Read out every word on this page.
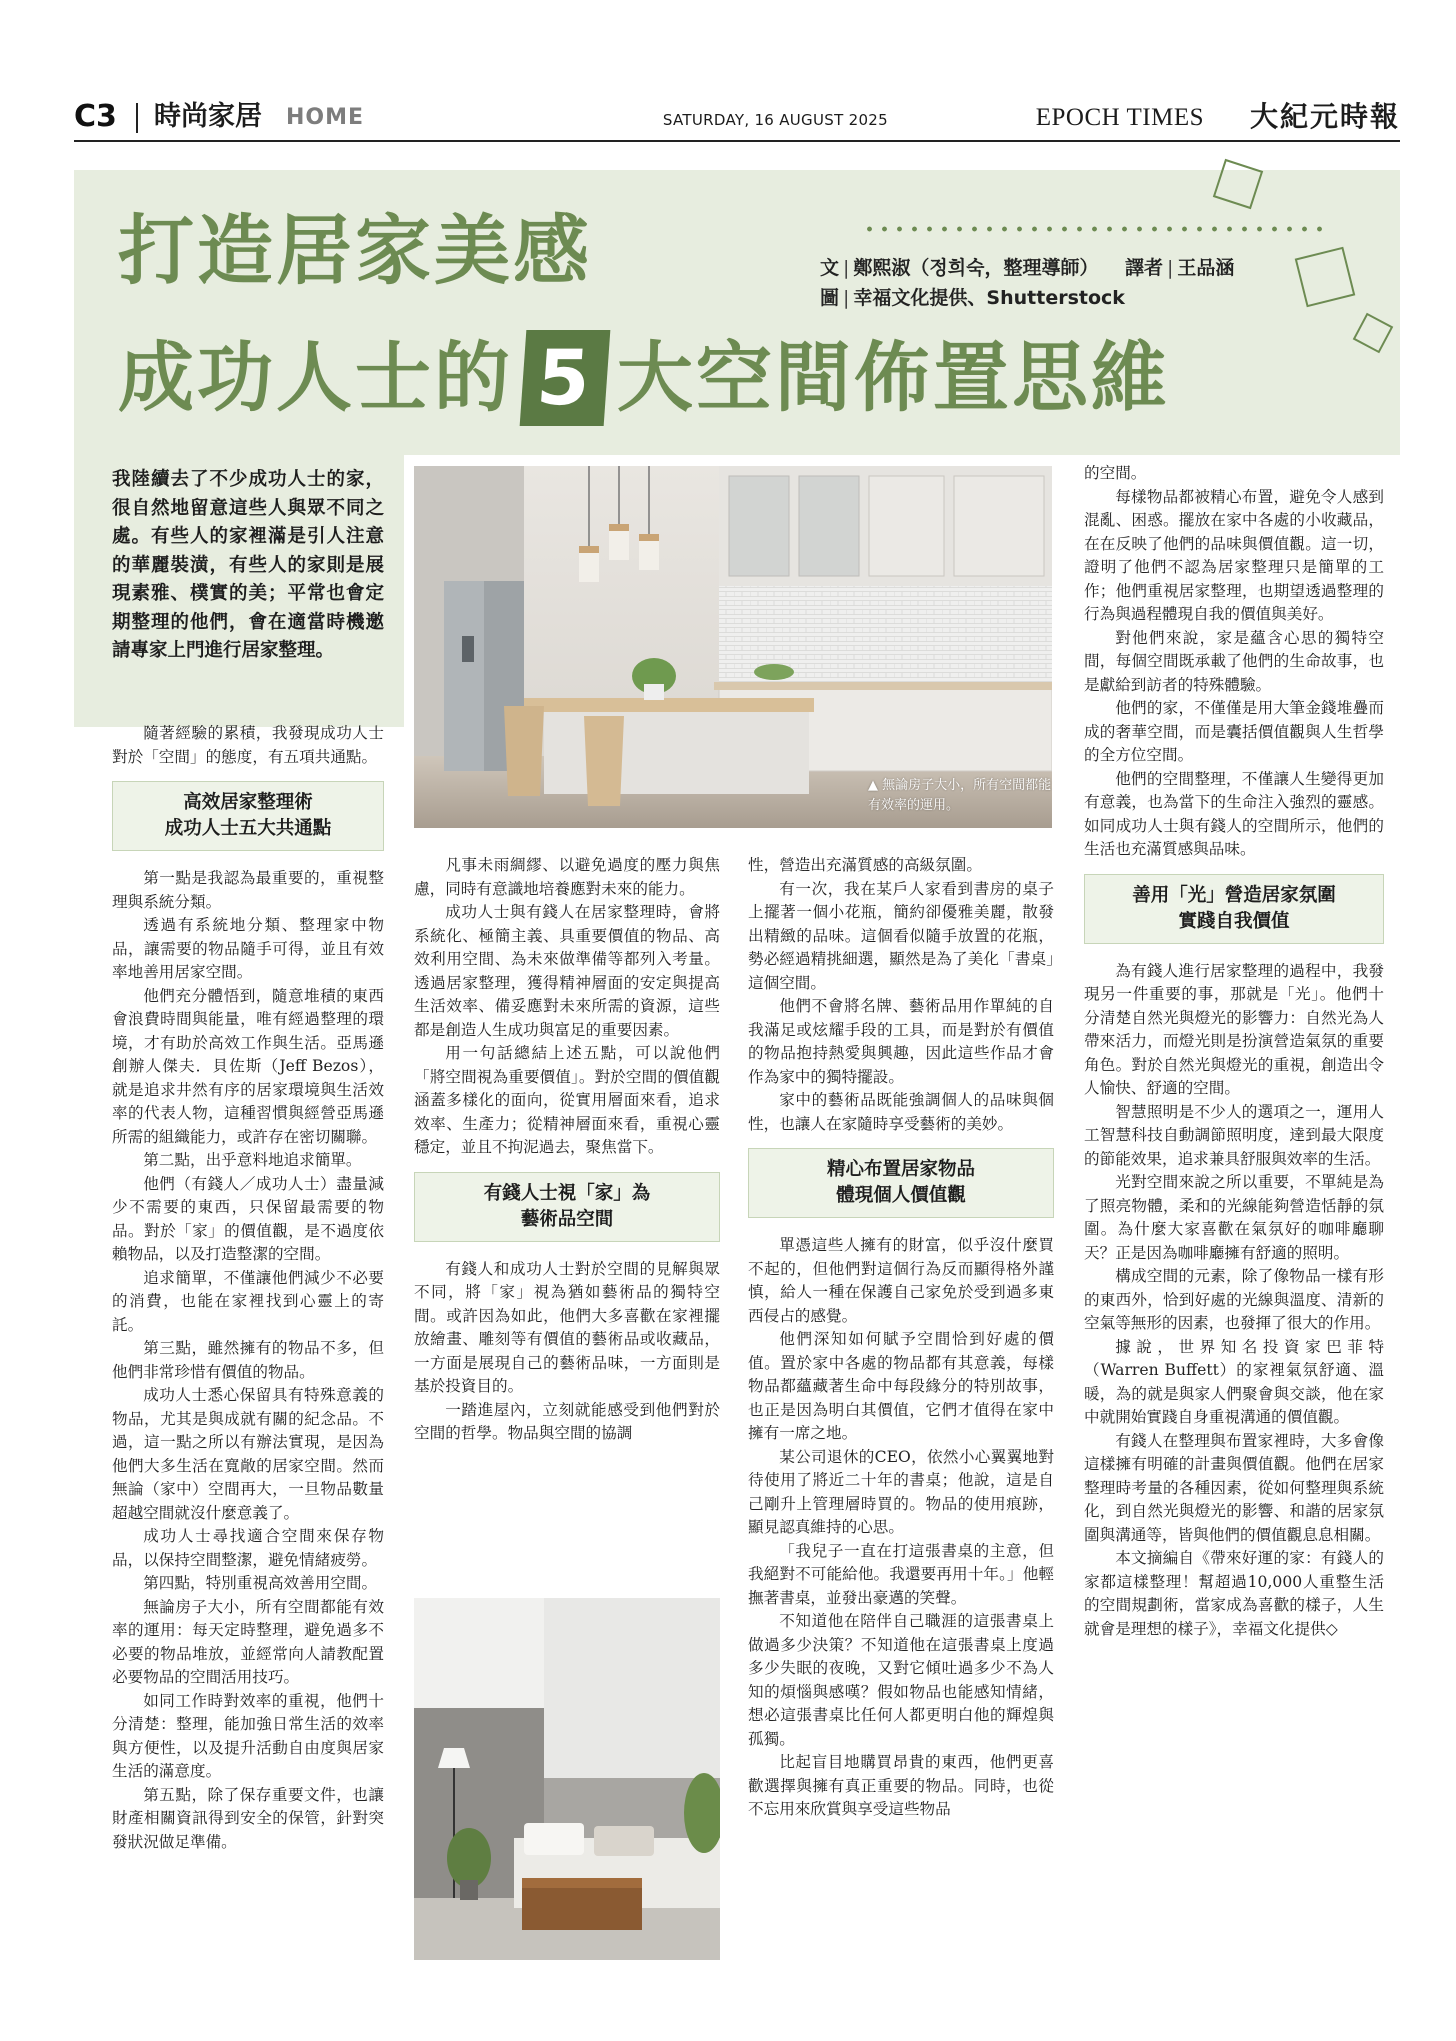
C3 時尚家居 HOME	SATURDAY, 16 AUGUST 2025	EPOCH TIMES 大紀元時報
打造居家美感
成功人士的 5 大空間佈置思維
文 | 鄭熙淑（정희숙，整理導師） 譯者 | 王品涵
圖 | 幸福文化提供、Shutterstock
我陸續去了不少成功人士的家，很自然地留意這些人與眾不同之處。有些人的家裡滿是引人注意的華麗裝潢，有些人的家則是展現素雅、樸實的美；平常也會定期整理的他們，會在適當時機邀請專家上門進行居家整理。
▲ 無論房子大小，所有空間都能有效率的運用。

隨著經驗的累積，我發現成功人士對於「空間」的態度，有五項共通點。

高效居家整理術
成功人士五大共通點

第一點是我認為最重要的，重視整理與系統分類。

透過有系統地分類、整理家中物品，讓需要的物品隨手可得，並且有效率地善用居家空間。

他們充分體悟到，隨意堆積的東西會浪費時間與能量，唯有經過整理的環境，才有助於高效工作與生活。亞馬遜創辦人傑夫．貝佐斯（Jeff Bezos），就是追求井然有序的居家環境與生活效率的代表人物，這種習慣與經營亞馬遜所需的組織能力，或許存在密切關聯。

第二點，出乎意料地追求簡單。

他們（有錢人／成功人士）盡量減少不需要的東西，只保留最需要的物品。對於「家」的價值觀，是不過度依賴物品，以及打造整潔的空間。

追求簡單，不僅讓他們減少不必要的消費，也能在家裡找到心靈上的寄託。

第三點，雖然擁有的物品不多，但他們非常珍惜有價值的物品。

成功人士悉心保留具有特殊意義的物品，尤其是與成就有關的紀念品。不過，這一點之所以有辦法實現，是因為他們大多生活在寬敞的居家空間。然而無論（家中）空間再大，一旦物品數量超越空間就沒什麼意義了。

成功人士尋找適合空間來保存物品，以保持空間整潔，避免情緒疲勞。

第四點，特別重視高效善用空間。

無論房子大小，所有空間都能有效率的運用：每天定時整理，避免過多不必要的物品堆放，並經常向人請教配置必要物品的空間活用技巧。

如同工作時對效率的重視，他們十分清楚：整理，能加強日常生活的效率與方便性，以及提升活動自由度與居家生活的滿意度。

第五點，除了保存重要文件，也讓財產相關資訊得到安全的保管，針對突發狀況做足準備。

凡事未雨綢繆、以避免過度的壓力與焦慮，同時有意識地培養應對未來的能力。

成功人士與有錢人在居家整理時，會將系統化、極簡主義、具重要價值的物品、高效利用空間、為未來做準備等都列入考量。透過居家整理，獲得精神層面的安定與提高生活效率、備妥應對未來所需的資源，這些都是創造人生成功與富足的重要因素。

用一句話總結上述五點，可以說他們「將空間視為重要價值」。對於空間的價值觀涵蓋多樣化的面向，從實用層面來看，追求效率、生產力；從精神層面來看，重視心靈穩定，並且不拘泥過去，聚焦當下。

有錢人士視「家」為
藝術品空間

有錢人和成功人士對於空間的見解與眾不同，將「家」視為猶如藝術品的獨特空間。或許因為如此，他們大多喜歡在家裡擺放繪畫、雕刻等有價值的藝術品或收藏品，一方面是展現自己的藝術品味，一方面則是基於投資目的。

一踏進屋內，立刻就能感受到他們對於空間的哲學。物品與空間的協調

性，營造出充滿質感的高級氛圍。

有一次，我在某戶人家看到書房的桌子上擺著一個小花瓶，簡約卻優雅美麗，散發出精緻的品味。這個看似隨手放置的花瓶，勢必經過精挑細選，顯然是為了美化「書桌」這個空間。

他們不會將名牌、藝術品用作單純的自我滿足或炫耀手段的工具，而是對於有價值的物品抱持熱愛與興趣，因此這些作品才會作為家中的獨特擺設。

家中的藝術品既能強調個人的品味與個性，也讓人在家隨時享受藝術的美妙。

精心布置居家物品
體現個人價值觀

單憑這些人擁有的財富，似乎沒什麼買不起的，但他們對這個行為反而顯得格外謹慎，給人一種在保護自己家免於受到過多東西侵占的感覺。

他們深知如何賦予空間恰到好處的價值。置於家中各處的物品都有其意義，每樣物品都蘊藏著生命中每段緣分的特別故事，也正是因為明白其價值，它們才值得在家中擁有一席之地。

某公司退休的CEO，依然小心翼翼地對待使用了將近二十年的書桌；他說，這是自己剛升上管理層時買的。物品的使用痕跡，顯見認真維持的心思。

「我兒子一直在打這張書桌的主意，但我絕對不可能給他。我還要再用十年。」他輕撫著書桌，並發出豪邁的笑聲。

不知道他在陪伴自己職涯的這張書桌上做過多少決策？不知道他在這張書桌上度過多少失眠的夜晚，又對它傾吐過多少不為人知的煩惱與感嘆？假如物品也能感知情緒，想必這張書桌比任何人都更明白他的輝煌與孤獨。

比起盲目地購買昂貴的東西，他們更喜歡選擇與擁有真正重要的物品。同時，也從不忘用來欣賞與享受這些物品

的空間。

每樣物品都被精心布置，避免令人感到混亂、困惑。擺放在家中各處的小收藏品，在在反映了他們的品味與價值觀。這一切，證明了他們不認為居家整理只是簡單的工作；他們重視居家整理，也期望透過整理的行為與過程體現自我的價值與美好。

對他們來說，家是蘊含心思的獨特空間，每個空間既承載了他們的生命故事，也是獻給到訪者的特殊體驗。

他們的家，不僅僅是用大筆金錢堆疊而成的奢華空間，而是囊括價值觀與人生哲學的全方位空間。

他們的空間整理，不僅讓人生變得更加有意義，也為當下的生命注入強烈的靈感。如同成功人士與有錢人的空間所示，他們的生活也充滿質感與品味。

善用「光」營造居家氛圍
實踐自我價值

為有錢人進行居家整理的過程中，我發現另一件重要的事，那就是「光」。他們十分清楚自然光與燈光的影響力：自然光為人帶來活力，而燈光則是扮演營造氣氛的重要角色。對於自然光與燈光的重視，創造出令人愉快、舒適的空間。

智慧照明是不少人的選項之一，運用人工智慧科技自動調節照明度，達到最大限度的節能效果，追求兼具舒服與效率的生活。

光對空間來說之所以重要，不單純是為了照亮物體，柔和的光線能夠營造恬靜的氛圍。為什麼大家喜歡在氣氛好的咖啡廳聊天？正是因為咖啡廳擁有舒適的照明。

構成空間的元素，除了像物品一樣有形的東西外，恰到好處的光線與溫度、清新的空氣等無形的因素，也發揮了很大的作用。

據說，世界知名投資家巴菲特（Warren Buffett）的家裡氣氛舒適、溫暖，為的就是與家人們聚會與交談，他在家中就開始實踐自身重視溝通的價值觀。

有錢人在整理與布置家裡時，大多會像這樣擁有明確的計畫與價值觀。他們在居家整理時考量的各種因素，從如何整理與系統化，到自然光與燈光的影響、和諧的居家氛圍與溝通等，皆與他們的價值觀息息相關。

本文摘編自《帶來好運的家：有錢人的家都這樣整理！幫超過10,000人重整生活的空間規劃術，當家成為喜歡的樣子，人生就會是理想的樣子》，幸福文化提供◇
